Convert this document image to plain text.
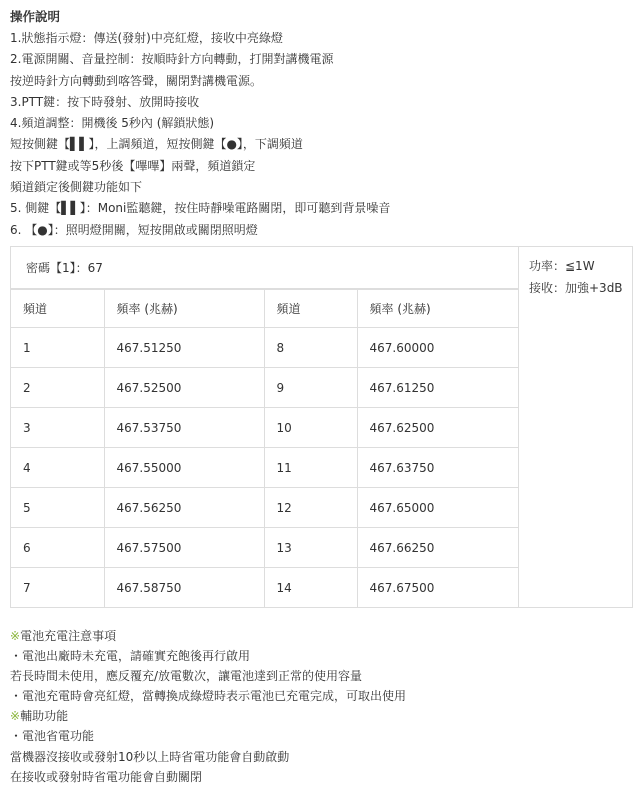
操作說明
1.狀態指示燈：傳送(發射)中亮紅燈，接收中亮綠燈
2.電源開關、音量控制：按順時針方向轉動，打開對講機電源
按逆時針方向轉動到喀答聲，關閉對講機電源。
3.PTT鍵：按下時發射、放開時接收
4.頻道調整：開機後 5秒內 (解鎖狀態)
短按側鍵【▌▌】，上調頻道，短按側鍵【●】，下調頻道
按下PTT鍵或等5秒後【嗶嗶】兩聲，頻道鎖定
頻道鎖定後側鍵功能如下
5. 側鍵【▌▌】：Moni監聽鍵，按住時靜噪電路關閉，即可聽到背景噪音
6. 【●】：照明燈開關，短按開啟或關閉照明燈
密碼【1】：67
頻道	頻率 (兆赫)	頻道	頻率 (兆赫)
1	467.51250	8	467.60000
2	467.52500	9	467.61250
3	467.53750	10	467.62500
4	467.55000	11	467.63750
5	467.56250	12	467.65000
6	467.57500	13	467.66250
7	467.58750	14	467.67500
功率：≦1W
接收：加強+3dB
※電池充電注意事項
・電池出廠時未充電，請確實充飽後再行啟用
若長時間未使用，應反覆充/放電數次，讓電池達到正常的使用容量
・電池充電時會亮紅燈，當轉換成綠燈時表示電池已充電完成，可取出使用
※輔助功能
・電池省電功能
當機器沒接收或發射10秒以上時省電功能會自動啟動
在接收或發射時省電功能會自動關閉
